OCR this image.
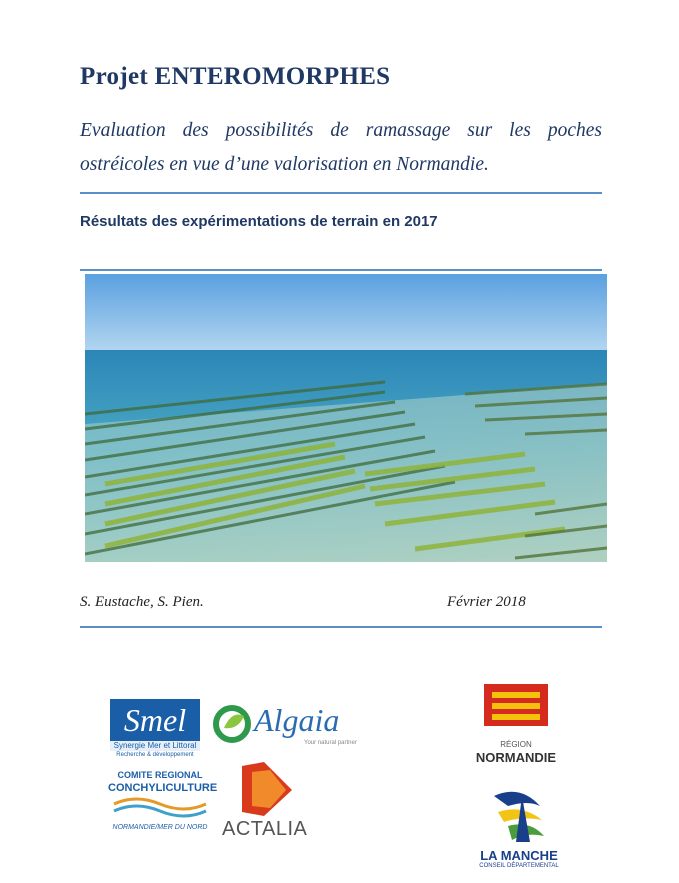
Projet ENTEROMORPHES
Evaluation des possibilités de ramassage sur les poches ostréicoles en vue d’une valorisation en Normandie.
Résultats des expérimentations de terrain en 2017
S. Eustache, S. Pien.	Février 2018
Smel
Synergie Mer et Littoral
Recherche & développement
Algaia
Your natural partner
COMITE REGIONAL
CONCHYLICULTURE
NORMANDIE/MER DU NORD ACTALIA
RÉGION
NORMANDIE
LA MANCHE
CONSEIL DÉPARTEMENTAL
